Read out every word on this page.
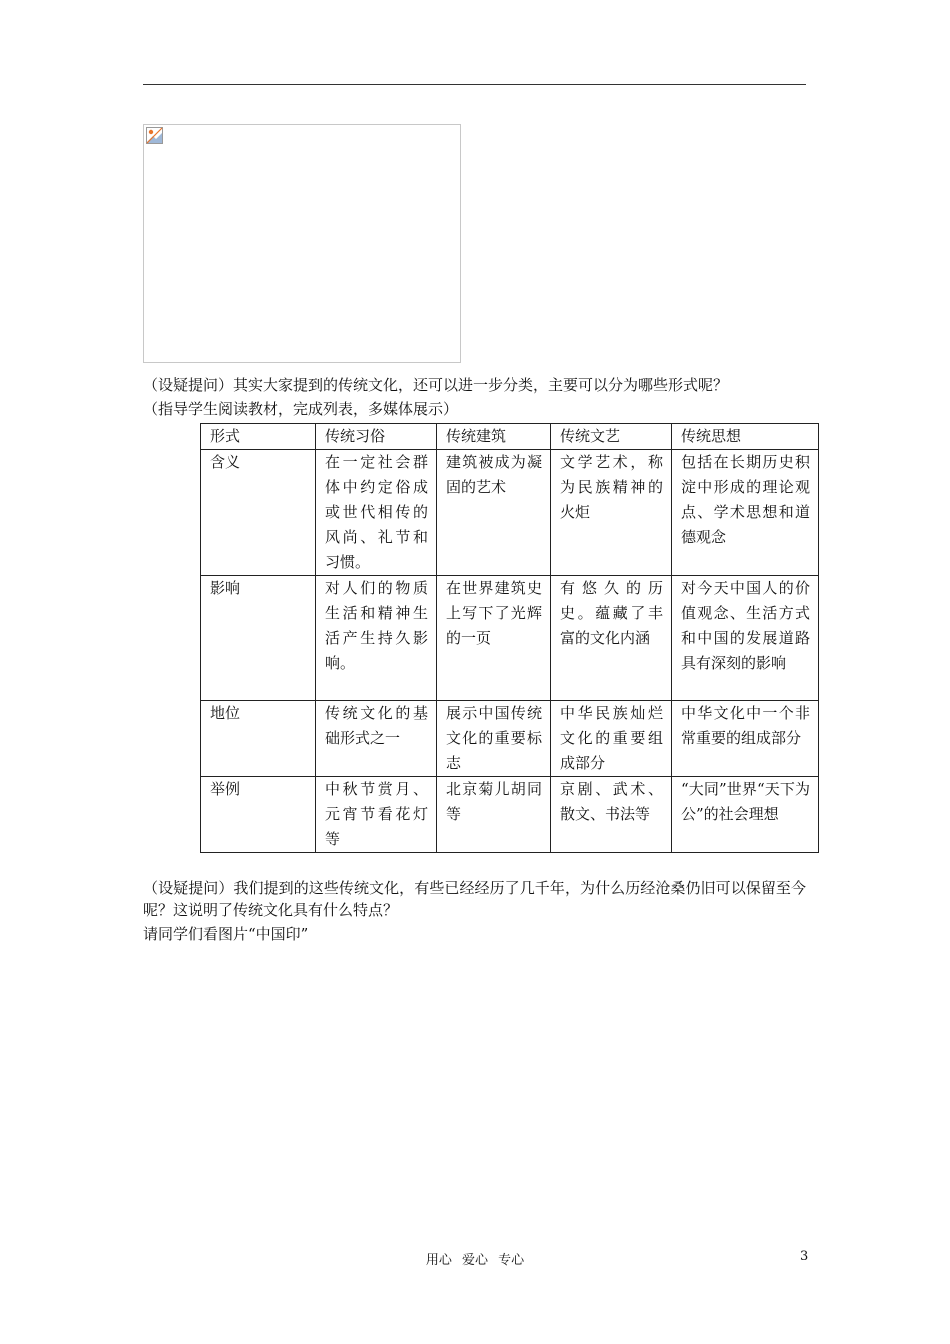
（设疑提问）其实大家提到的传统文化，还可以进一步分类，主要可以分为哪些形式呢？
（指导学生阅读教材，完成列表，多媒体展示）
形式	传统习俗	传统建筑	传统文艺	传统思想
含义	在一定社会群体中约定俗成或世代相传的风尚、礼节和习惯。	建筑被成为凝固的艺术	文学艺术，称为民族精神的火炬	包括在长期历史积淀中形成的理论观点、学术思想和道德观念
影响	对人们的物质生活和精神生活产生持久影响。	在世界建筑史上写下了光辉的一页	有悠久的历史。蕴藏了丰富的文化内涵	对今天中国人的价值观念、生活方式和中国的发展道路具有深刻的影响
地位	传统文化的基础形式之一	展示中国传统文化的重要标志	中华民族灿烂文化的重要组成部分	中华文化中一个非常重要的组成部分
举例	中秋节赏月、元宵节看花灯等	北京菊儿胡同等	京剧、武术、散文、书法等	“大同”世界“天下为公”的社会理想
（设疑提问）我们提到的这些传统文化，有些已经经历了几千年，为什么历经沧桑仍旧可以保留至今呢？这说明了传统文化具有什么特点？
请同学们看图片“中国印”
用心 爱心 专心	3
